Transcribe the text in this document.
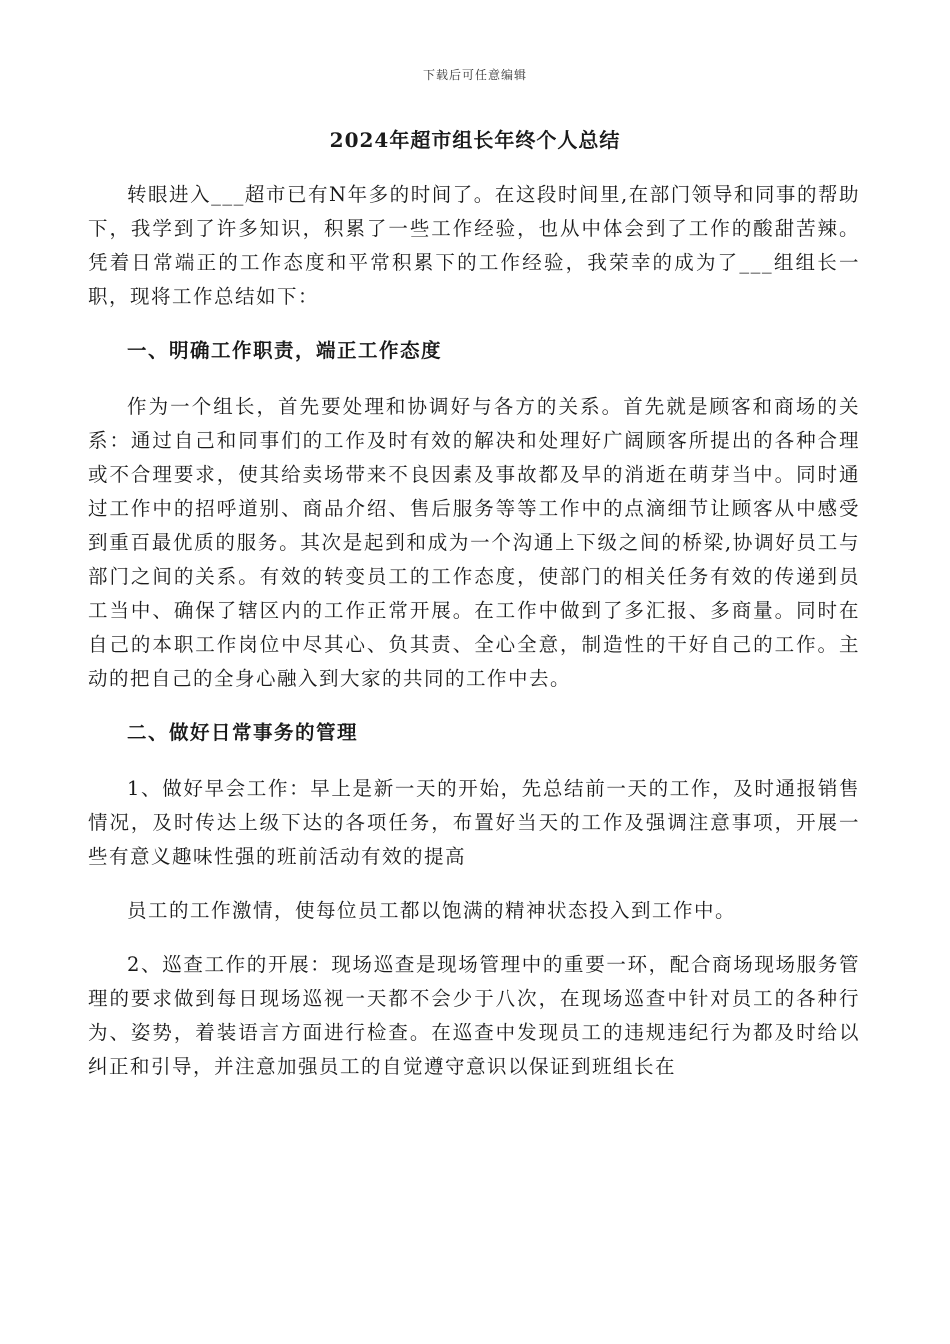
下载后可任意编辑
2024年超市组长年终个人总结

转眼进入___超市已有N年多的时间了。在这段时间里,在部门领导和同事的帮助下，我学到了许多知识，积累了一些工作经验，也从中体会到了工作的酸甜苦辣。凭着日常端正的工作态度和平常积累下的工作经验，我荣幸的成为了___组组长一职，现将工作总结如下：

一、明确工作职责，端正工作态度

作为一个组长，首先要处理和协调好与各方的关系。首先就是顾客和商场的关系：通过自己和同事们的工作及时有效的解决和处理好广阔顾客所提出的各种合理或不合理要求，使其给卖场带来不良因素及事故都及早的消逝在萌芽当中。同时通过工作中的招呼道别、商品介绍、售后服务等等工作中的点滴细节让顾客从中感受到重百最优质的服务。其次是起到和成为一个沟通上下级之间的桥梁,协调好员工与部门之间的关系。有效的转变员工的工作态度，使部门的相关任务有效的传递到员工当中、确保了辖区内的工作正常开展。在工作中做到了多汇报、多商量。同时在自己的本职工作岗位中尽其心、负其责、全心全意，制造性的干好自己的工作。主动的把自己的全身心融入到大家的共同的工作中去。

二、做好日常事务的管理

1、做好早会工作：早上是新一天的开始，先总结前一天的工作，及时通报销售情况，及时传达上级下达的各项任务，布置好当天的工作及强调注意事项，开展一些有意义趣味性强的班前活动有效的提高

员工的工作激情，使每位员工都以饱满的精神状态投入到工作中。

2、巡查工作的开展：现场巡查是现场管理中的重要一环，配合商场现场服务管理的要求做到每日现场巡视一天都不会少于八次，在现场巡查中针对员工的各种行为、姿势，着装语言方面进行检查。在巡查中发现员工的违规违纪行为都及时给以纠正和引导，并注意加强员工的自觉遵守意识以保证到班组长在
